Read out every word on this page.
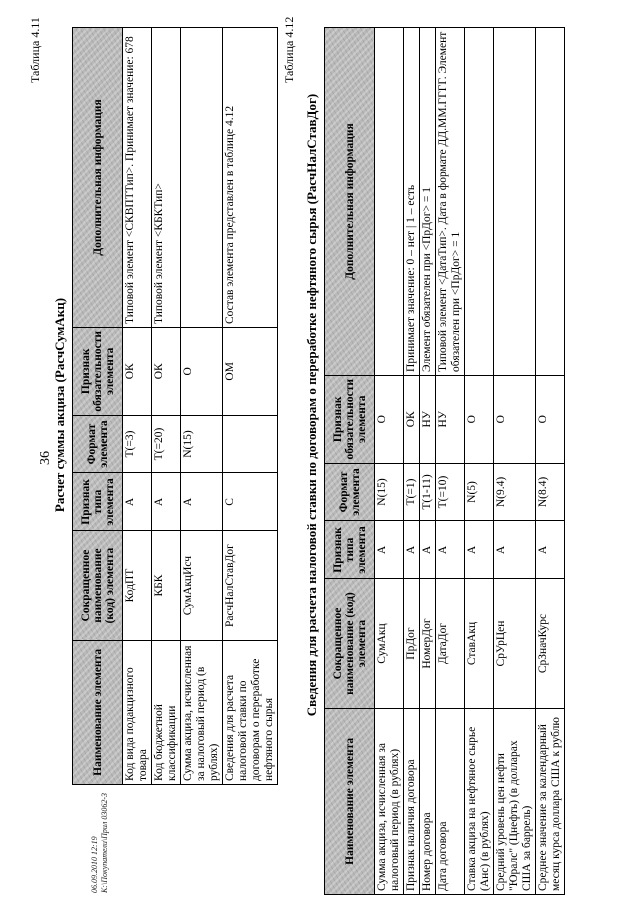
36
06.09.2010 12:19 К:\Покупатели\Прил 03062-3
Таблица 4.11
Расчет суммы акциза (РасчСумАкц)
Наименование элемента	Сокращенное наименование (код) элемента	Признак типа элемента	Формат элемента	Признак обязательности элемента	Дополнительная информация
Код вида подакцизного товара	КодПТ	А	Т(=3)	ОК	Типовой элемент <СКВПТТип>. Принимает значение: 678
Код бюджетной классификации	КБК	А	Т(=20)	ОК	Типовой элемент <КБКТип>
Сумма акциза, исчисленная за налоговый период (в рублях)	СумАкцИсч	А	N(15)	О	
Сведения для расчета налоговой ставки по договорам о переработке нефтяного сырья	РасчНалСтавДог	С		ОМ	Состав элемента представлен в таблице 4.12
Таблица 4.12
Сведения для расчета налоговой ставки по договорам о переработке нефтяного сырья (РасчНалСтавДог)
Наименование элемента	Сокращенное наименование (код) элемента	Признак типа элемента	Формат элемента	Признак обязательности элемента	Дополнительная информация
Сумма акциза, исчисленная за налоговый период (в рублях)	СумАкц	А	N(15)	О	
Признак наличия договора	ПрДог	А	Т(=1)	ОК	Принимает значение: 0 – нет | 1 – есть
Номер договора	НомерДог	А	Т(1-11)	НУ	Элемент обязателен при <ПрДог> = 1
Дата договора	ДатаДог	А	Т(=10)	НУ	Типовой элемент <ДатаТип>. Дата в формате ДД.ММ.ГГГГ. Элемент обязателен при <ПрДог> = 1
Ставка акциза на нефтяное сырье (Анс) (в рублях)	СтавАкц	А	N(5)	О	
Средний уровень цен нефти "Юралс" (Цнефть) (в долларах США за баррель)	СрУрЦен	А	N(9.4)	О	
Среднее значение за календарный месяц курса доллара США к рублю	СрЗначКурс	А	N(8.4)	О	
